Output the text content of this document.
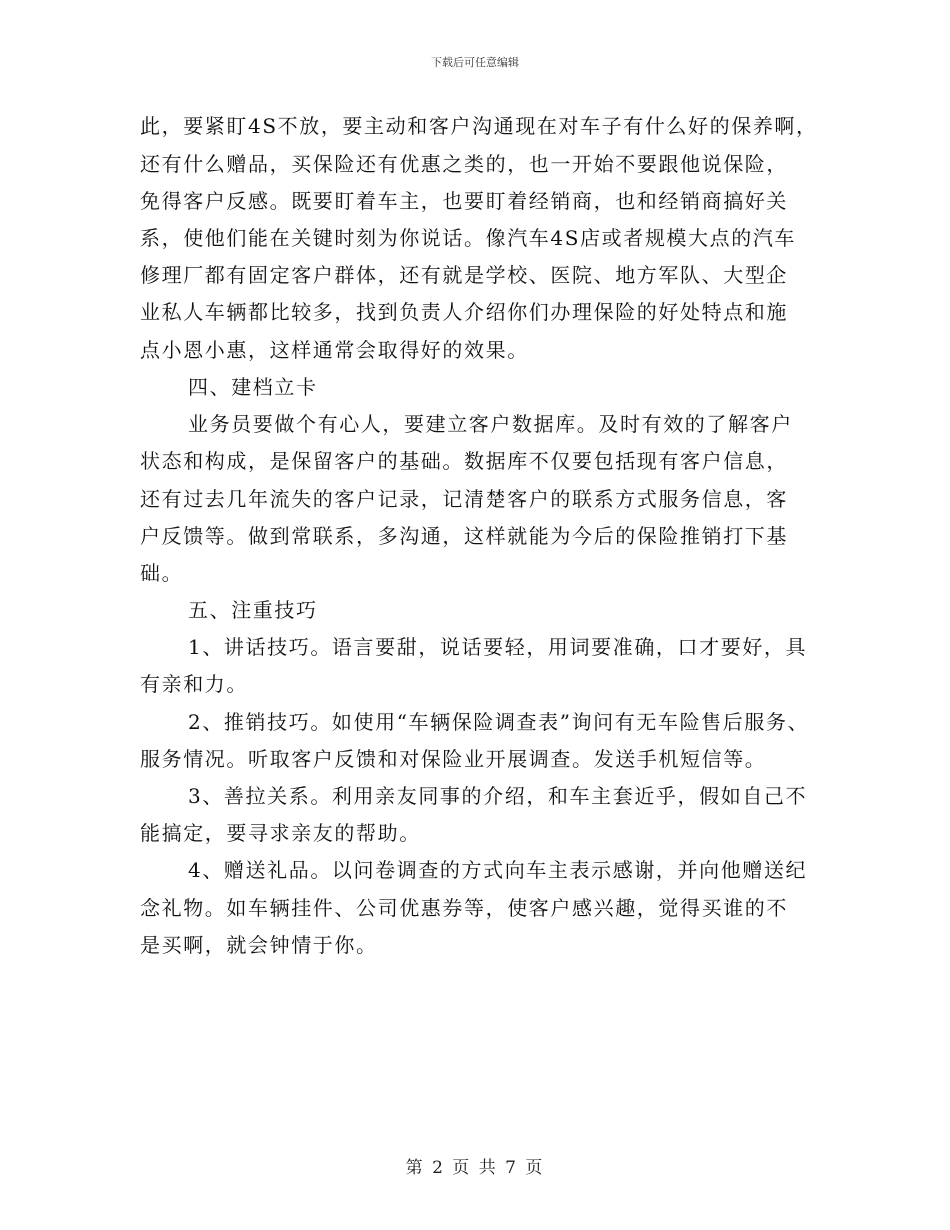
下载后可任意编辑
此，要紧盯4S不放，要主动和客户沟通现在对车子有什么好的保养啊，
还有什么赠品，买保险还有优惠之类的，也一开始不要跟他说保险，
免得客户反感。既要盯着车主，也要盯着经销商，也和经销商搞好关
系，使他们能在关键时刻为你说话。像汽车4S店或者规模大点的汽车
修理厂都有固定客户群体，还有就是学校、医院、地方军队、大型企
业私人车辆都比较多，找到负责人介绍你们办理保险的好处特点和施
点小恩小惠，这样通常会取得好的效果。
四、建档立卡
业务员要做个有心人，要建立客户数据库。及时有效的了解客户
状态和构成，是保留客户的基础。数据库不仅要包括现有客户信息，
还有过去几年流失的客户记录，记清楚客户的联系方式服务信息，客
户反馈等。做到常联系，多沟通，这样就能为今后的保险推销打下基
础。
五、注重技巧
1、讲话技巧。语言要甜，说话要轻，用词要准确，口才要好，具
有亲和力。
2、推销技巧。如使用“车辆保险调查表”询问有无车险售后服务、
服务情况。听取客户反馈和对保险业开展调查。发送手机短信等。
3、善拉关系。利用亲友同事的介绍，和车主套近乎，假如自己不
能搞定，要寻求亲友的帮助。
4、赠送礼品。以问卷调查的方式向车主表示感谢，并向他赠送纪
念礼物。如车辆挂件、公司优惠券等，使客户感兴趣，觉得买谁的不
是买啊，就会钟情于你。
第 2 页 共 7 页
